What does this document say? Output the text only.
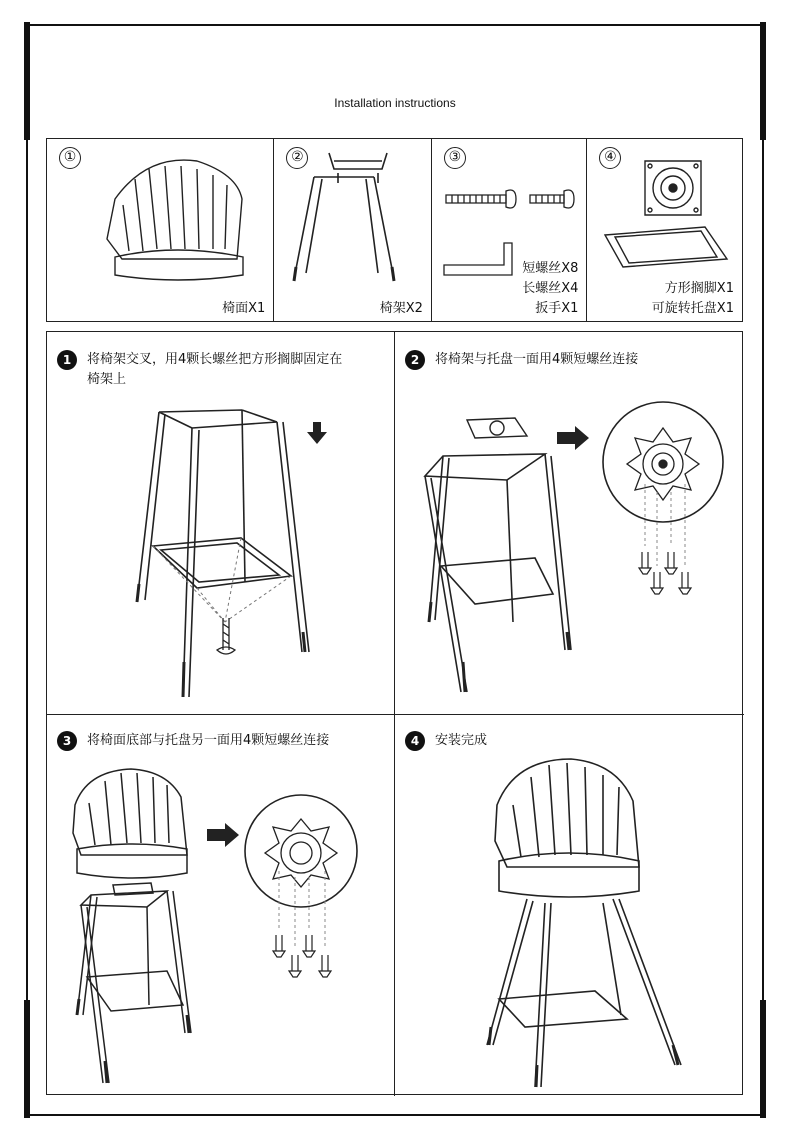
Installation instructions
①
椅面X1
②
椅架X2
③
短螺丝X8
长螺丝X4
扳手X1
④
方形搁脚X1
可旋转托盘X1
1	将椅架交叉，用4颗长螺丝把方形搁脚固定在
椅架上
2	将椅架与托盘一面用4颗短螺丝连接
3	将椅面底部与托盘另一面用4颗短螺丝连接	4	安装完成
